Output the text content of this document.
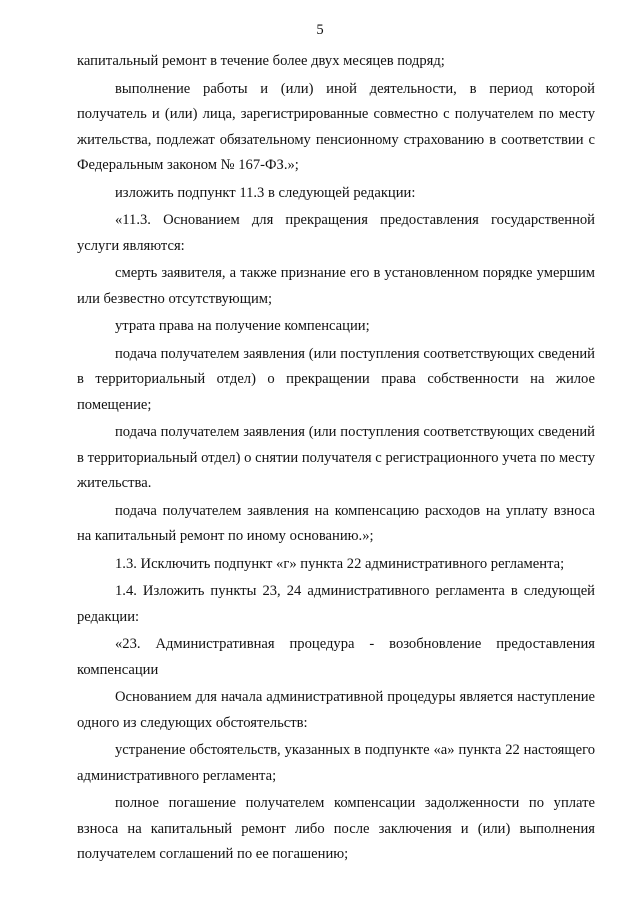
5

капитальный ремонт в течение более двух месяцев подряд;

выполнение работы и (или) иной деятельности, в период которой получатель и (или) лица, зарегистрированные совместно с получателем по месту жительства, подлежат обязательному пенсионному страхованию в соответствии с Федеральным законом № 167-ФЗ.»;

изложить подпункт 11.3 в следующей редакции:

«11.3. Основанием для прекращения предоставления государственной услуги являются:

смерть заявителя, а также признание его в установленном порядке умершим или безвестно отсутствующим;

утрата права на получение компенсации;

подача получателем заявления (или поступления соответствующих сведений в территориальный отдел) о прекращении права собственности на жилое помещение;

подача получателем заявления (или поступления соответствующих сведений в территориальный отдел) о снятии получателя с регистрационного учета по месту жительства.

подача получателем заявления на компенсацию расходов на уплату взноса на капитальный ремонт по иному основанию.»;

1.3. Исключить подпункт «г» пункта 22 административного регламента;

1.4. Изложить пункты 23, 24 административного регламента в следующей редакции:

«23. Административная процедура - возобновление предоставления компенсации

Основанием для начала административной процедуры является наступление одного из следующих обстоятельств:

устранение обстоятельств, указанных в подпункте «а» пункта 22 настоящего административного регламента;

полное погашение получателем компенсации задолженности по уплате взноса на капитальный ремонт либо после заключения и (или) выполнения получателем соглашений по ее погашению;
